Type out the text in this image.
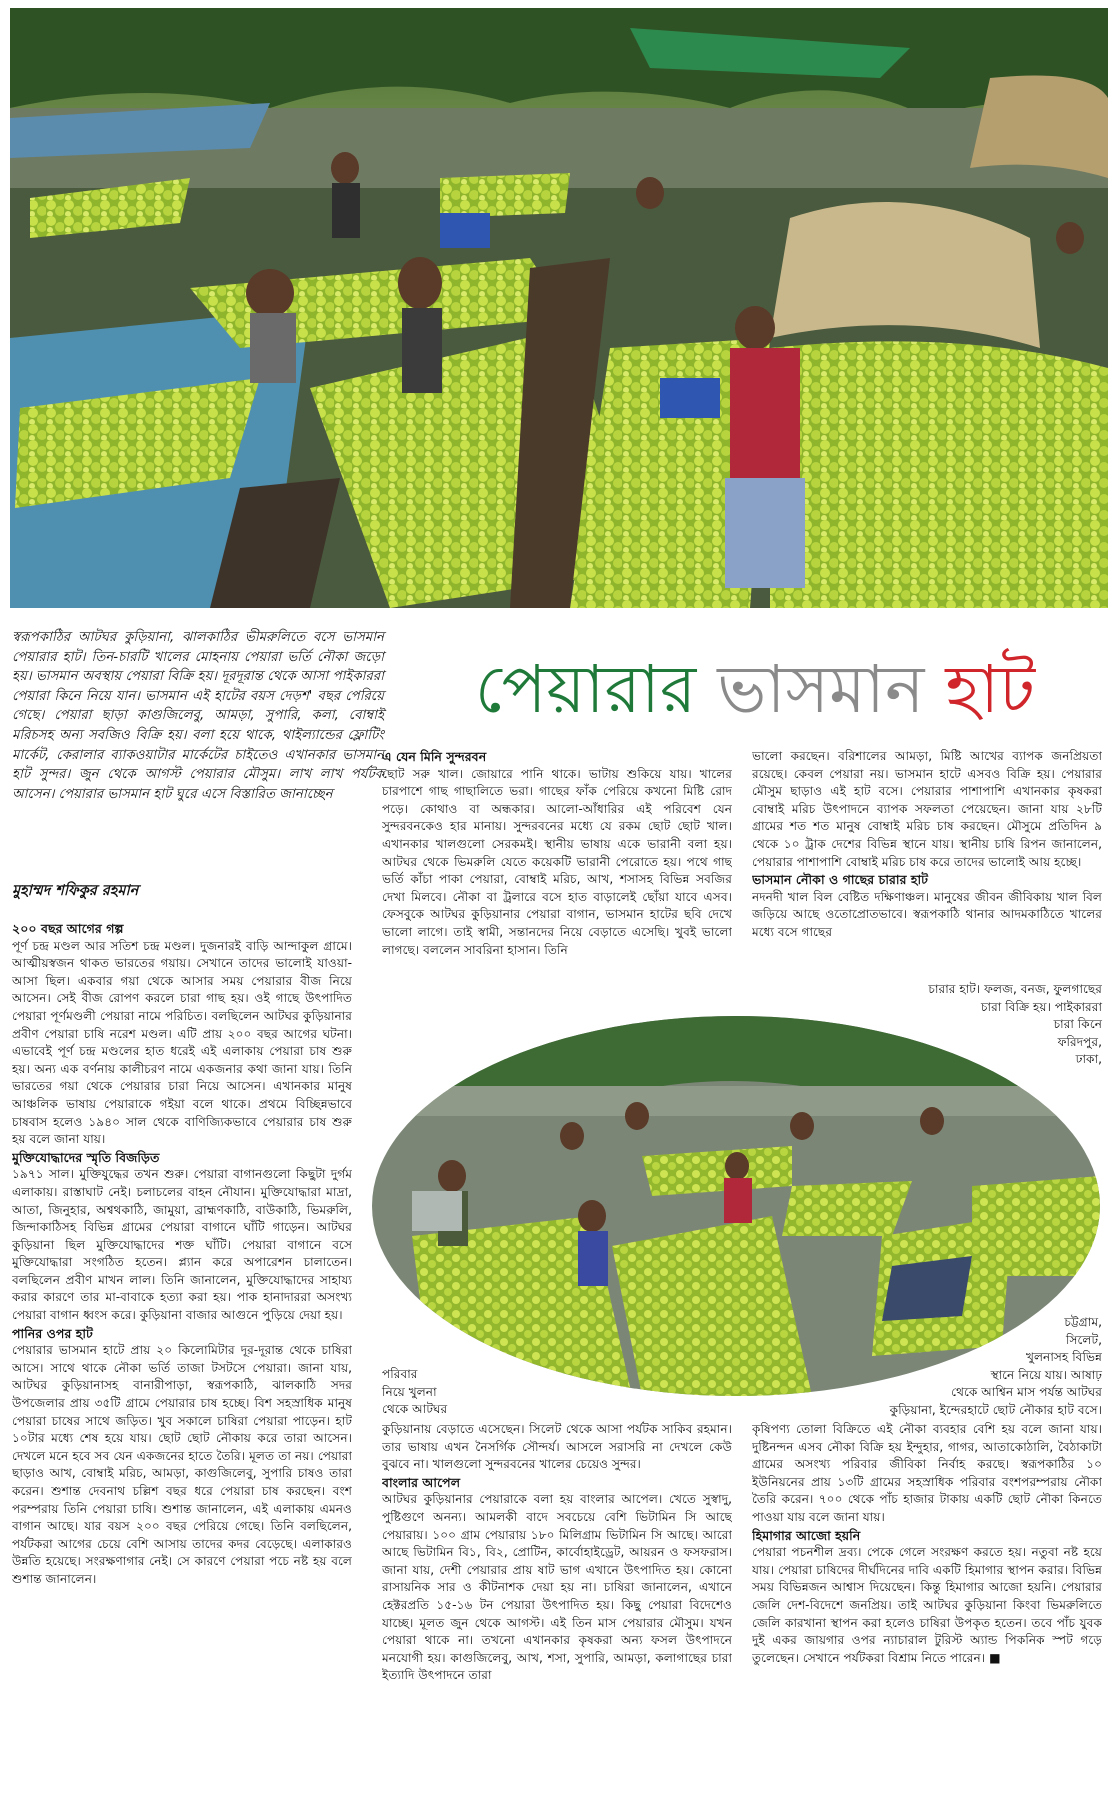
স্বরূপকাঠির আটঘর কুড়িয়ানা, ঝালকাঠির ভীমরুলিতে বসে ভাসমান পেয়ারার হাট। তিন-চারটি খালের মোহনায় পেয়ারা ভর্তি নৌকা জড়ো হয়। ভাসমান অবস্থায় পেয়ারা বিক্রি হয়। দূরদূরান্ত থেকে আসা পাইকাররা পেয়ারা কিনে নিয়ে যান। ভাসমান এই হাটের বয়স দেড়শ' বছর পেরিয়ে গেছে। পেয়ারা ছাড়া কাগুজিলেবু, আমড়া, সুপারি, কলা, বোম্বাই মরিচসহ অন্য সবজিও বিক্রি হয়। বলা হয়ে থাকে, থাইল্যান্ডের ফ্লোটিং মার্কেট, কেরালার ব্যাকওয়াটার মার্কেটের চাইতেও এখানকার ভাসমান হাট সুন্দর। জুন থেকে আগস্ট পেয়ারার মৌসুম। লাখ লাখ পর্যটক আসেন। পেয়ারার ভাসমান হাট ঘুরে এসে বিস্তারিত জানাচ্ছেন
মুহাম্মদ শফিকুর রহমান
পেয়ারার ভাসমান হাট
২০০ বছর আগের গল্প

পূর্ণ চন্দ্র মণ্ডল আর সতিশ চন্দ্র মণ্ডল। দুজনারই বাড়ি আন্দাকুল গ্রামে। আত্মীয়স্বজন থাকত ভারতের গয়ায়। সেখানে তাদের ভালোই যাওয়া-আসা ছিল। একবার গয়া থেকে আসার সময় পেয়ারার বীজ নিয়ে আসেন। সেই বীজ রোপণ করলে চারা গাছ হয়। ওই গাছে উৎপাদিত পেয়ারা পূর্ণমণ্ডলী পেয়ারা নামে পরিচিত। বলছিলেন আটঘর কুড়িয়ানার প্রবীণ পেয়ারা চাষি নরেশ মণ্ডল। এটি প্রায় ২০০ বছর আগের ঘটনা। এভাবেই পূর্ণ চন্দ্র মণ্ডলের হাত ধরেই এই এলাকায় পেয়ারা চাষ শুরু হয়। অন্য এক বর্ণনায় কালীচরণ নামে একজনার কথা জানা যায়। তিনি ভারতের গয়া থেকে পেয়ারার চারা নিয়ে আসেন। এখানকার মানুষ আঞ্চলিক ভাষায় পেয়ারাকে গইয়া বলে থাকে। প্রথমে বিচ্ছিন্নভাবে চাষবাস হলেও ১৯৪০ সাল থেকে বাণিজ্যিকভাবে পেয়ারার চাষ শুরু হয় বলে জানা যায়।

মুক্তিযোদ্ধাদের স্মৃতি বিজড়িত

১৯৭১ সাল। মুক্তিযুদ্ধের তখন শুরু। পেয়ারা বাগানগুলো কিছুটা দুর্গম এলাকায়। রাস্তাঘাট নেই। চলাচলের বাহন নৌযান। মুক্তিযোদ্ধারা মাদ্রা, আতা, জিনুহার, অশ্বথকাঠি, জামুয়া, ব্রাহ্মণকাঠি, বাউকাঠি, ভিমরুলি, জিন্দাকাঠিসহ বিভিন্ন গ্রামের পেয়ারা বাগানে ঘাঁটি গাড়েন। আটঘর কুড়িয়ানা ছিল মুক্তিযোদ্ধাদের শক্ত ঘাঁটি। পেয়ারা বাগানে বসে মুক্তিযোদ্ধারা সংগঠিত হতেন। প্ল্যান করে অপারেশন চালাতেন। বলছিলেন প্রবীণ মাখন লাল। তিনি জানালেন, মুক্তিযোদ্ধাদের সাহায্য করার কারণে তার মা-বাবাকে হত্যা করা হয়। পাক হানাদাররা অসংখ্য পেয়ারা বাগান ধ্বংস করে। কুড়িয়ানা বাজার আগুনে পুড়িয়ে দেয়া হয়।

পানির ওপর হাট

পেয়ারার ভাসমান হাটে প্রায় ২০ কিলোমিটার দূর-দূরান্ত থেকে চাষিরা আসে। সাথে থাকে নৌকা ভর্তি তাজা টসটসে পেয়ারা। জানা যায়, আটঘর কুড়িয়ানাসহ বানারীপাড়া, স্বরূপকাঠি, ঝালকাঠি সদর উপজেলার প্রায় ৩৫টি গ্রামে পেয়ারার চাষ হচ্ছে। বিশ সহস্রাধিক মানুষ পেয়ারা চাষের সাথে জড়িত। খুব সকালে চাষিরা পেয়ারা পাড়েন। হাট ১০টার মধ্যে শেষ হয়ে যায়। ছোট ছোট নৌকায় করে তারা আসেন। দেখলে মনে হবে সব যেন একজনের হাতে তৈরি। মূলত তা নয়। পেয়ারা ছাড়াও আখ, বোম্বাই মরিচ, আমড়া, কাগুজিলেবু, সুপারি চাষও তারা করেন। শুশান্ত দেবনাথ চল্লিশ বছর ধরে পেয়ারা চাষ করছেন। বংশ পরম্পরায় তিনি পেয়ারা চাষি। শুশান্ত জানালেন, এই এলাকায় এমনও বাগান আছে। যার বয়স ২০০ বছর পেরিয়ে গেছে। তিনি বলছিলেন, পর্যটকরা আগের চেয়ে বেশি আসায় তাদের কদর বেড়েছে। এলাকারও উন্নতি হয়েছে। সংরক্ষণাগার নেই। সে কারণে পেয়ারা পচে নষ্ট হয় বলে শুশান্ত জানালেন।

এ যেন মিনি সুন্দরবন

ছোট সরু খাল। জোয়ারে পানি থাকে। ভাটায় শুকিয়ে যায়। খালের চারপাশে গাছ গাছালিতে ভরা। গাছের ফাঁক পেরিয়ে কখনো মিষ্টি রোদ পড়ে। কোথাও বা অন্ধকার। আলো-আঁধারির এই পরিবেশ যেন সুন্দরবনকেও হার মানায়। সুন্দরবনের মধ্যে যে রকম ছোট ছোট খাল। এখানকার খালগুলো সেরকমই। স্থানীয় ভাষায় একে ভারানী বলা হয়। আটঘর থেকে ভিমরুলি যেতে কয়েকটি ভারানী পেরোতে হয়। পথে গাছ ভর্তি কাঁচা পাকা পেয়ারা, বোম্বাই মরিচ, আখ, শসাসহ বিভিন্ন সবজির দেখা মিলবে। নৌকা বা ট্রলারে বসে হাত বাড়ালেই ছোঁয়া যাবে এসব। ফেসবুকে আটঘর কুড়িয়ানার পেয়ারা বাগান, ভাসমান হাটের ছবি দেখে ভালো লাগে। তাই স্বামী, সন্তানদের নিয়ে বেড়াতে এসেছি। খুবই ভালো লাগছে। বললেন সাবরিনা হাসান। তিনি

পরিবার
নিয়ে খুলনা
থেকে আটঘর

ভালো করছেন। বরিশালের আমড়া, মিষ্টি আখের ব্যাপক জনপ্রিয়তা রয়েছে। কেবল পেয়ারা নয়। ভাসমান হাটে এসবও বিক্রি হয়। পেয়ারার মৌসুম ছাড়াও এই হাট বসে। পেয়ারার পাশাপাশি এখানকার কৃষকরা বোম্বাই মরিচ উৎপাদনে ব্যাপক সফলতা পেয়েছেন। জানা যায় ২৮টি গ্রামের শত শত মানুষ বোম্বাই মরিচ চাষ করছেন। মৌসুমে প্রতিদিন ৯ থেকে ১০ ট্রাক দেশের বিভিন্ন স্থানে যায়। স্থানীয় চাষি রিপন জানালেন, পেয়ারার পাশাপাশি বোম্বাই মরিচ চাষ করে তাদের ভালোই আয় হচ্ছে।

ভাসমান নৌকা ও গাছের চারার হাট

নদনদী খাল বিল বেষ্টিত দক্ষিণাঞ্চল। মানুষের জীবন জীবিকায় খাল বিল জড়িয়ে আছে ওতোপ্রোতভাবে। স্বরূপকাঠি থানার আদমকাঠিতে খালের মধ্যে বসে গাছের

চারার হাট। ফলজ, বনজ, ফুলগাছের
চারা বিক্রি হয়। পাইকাররা
চারা কিনে
ফরিদপুর,
ঢাকা,
চট্টগ্রাম,
সিলেট,
খুলনাসহ বিভিন্ন
স্থানে নিয়ে যায়। আষাঢ়
থেকে আশ্বিন মাস পর্যন্ত আটঘর
কুড়িয়ানা, ইন্দেরহাটে ছোট নৌকার হাট বসে।

কুড়িয়ানায় বেড়াতে এসেছেন। সিলেট থেকে আসা পর্যটক সাকিব রহমান। তার ভাষায় এখন নৈসর্গিক সৌন্দর্য। আসলে সরাসরি না দেখলে কেউ বুঝবে না। খালগুলো সুন্দরবনের খালের চেয়েও সুন্দর।

বাংলার আপেল

আটঘর কুড়িয়ানার পেয়ারাকে বলা হয় বাংলার আপেল। খেতে সুস্বাদু, পুষ্টিগুণে অনন্য। আমলকী বাদে সবচেয়ে বেশি ভিটামিন সি আছে পেয়ারায়। ১০০ গ্রাম পেয়ারায় ১৮০ মিলিগ্রাম ভিটামিন সি আছে। আরো আছে ভিটামিন বি১, বি২, প্রোটিন, কার্বোহাইড্রেট, আয়রন ও ফসফরাস। জানা যায়, দেশী পেয়ারার প্রায় ষাট ভাগ এখানে উৎপাদিত হয়। কোনো রাসায়নিক সার ও কীটনাশক দেয়া হয় না। চাষিরা জানালেন, এখানে হেক্টরপ্রতি ১৫-১৬ টন পেয়ারা উৎপাদিত হয়। কিছু পেয়ারা বিদেশেও যাচ্ছে। মূলত জুন থেকে আগস্ট। এই তিন মাস পেয়ারার মৌসুম। যখন পেয়ারা থাকে না। তখনো এখানকার কৃষকরা অন্য ফসল উৎপাদনে মনযোগী হয়। কাগুজিলেবু, আখ, শসা, সুপারি, আমড়া, কলাগাছের চারা ইত্যাদি উৎপাদনে তারা

কৃষিপণ্য তোলা বিক্রিতে এই নৌকা ব্যবহার বেশি হয় বলে জানা যায়। দুষ্টিনন্দন এসব নৌকা বিক্রি হয় ইন্দুহার, গাগর, আতাকোঠালি, বৈঠাকাটা গ্রামের অসংখ্য পরিবার জীবিকা নির্বাহ করছে। স্বরূপকাঠির ১০ ইউনিয়নের প্রায় ১৩টি গ্রামের সহস্রাধিক পরিবার বংশপরম্পরায় নৌকা তৈরি করেন। ৭০০ থেকে পাঁচ হাজার টাকায় একটি ছোট নৌকা কিনতে পাওয়া যায় বলে জানা যায়।

হিমাগার আজো হয়নি

পেয়ারা পচনশীল দ্রব্য। পেকে গেলে সংরক্ষণ করতে হয়। নতুবা নষ্ট হয়ে যায়। পেয়ারা চাষিদের দীর্ঘদিনের দাবি একটি হিমাগার স্থাপন করার। বিভিন্ন সময় বিভিন্নজন আশ্বাস দিয়েছেন। কিন্তু হিমাগার আজো হয়নি। পেয়ারার জেলি দেশ-বিদেশে জনপ্রিয়। তাই আটঘর কুড়িয়ানা কিংবা ভিমরুলিতে জেলি কারখানা স্থাপন করা হলেও চাষিরা উপকৃত হতেন। তবে পাঁচ যুবক দুই একর জায়গার ওপর ন্যাচারাল টুরিস্ট অ্যান্ড পিকনিক স্পট গড়ে তুলেছেন। সেখানে পর্যটকরা বিশ্রাম নিতে পারেন। ■
